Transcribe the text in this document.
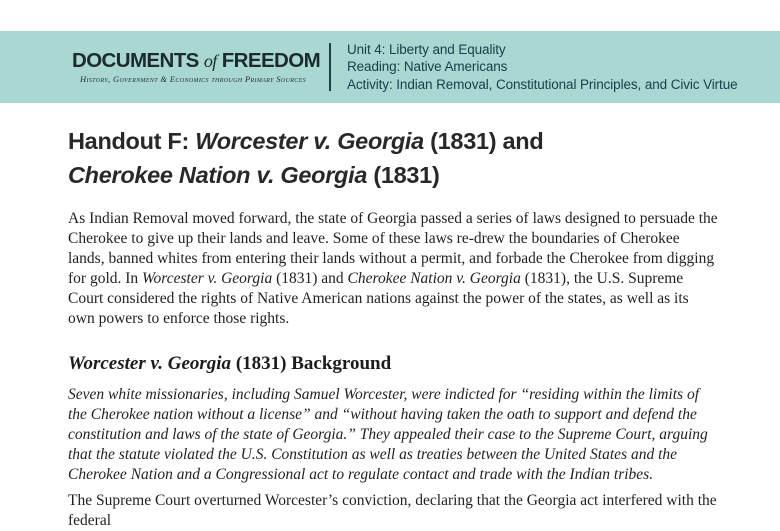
DOCUMENTS of FREEDOM
History, Government & Economics through Primary Sources
Unit 4: Liberty and Equality
Reading: Native Americans
Activity: Indian Removal, Constitutional Principles, and Civic Virtue
Handout F: Worcester v. Georgia (1831) and
Cherokee Nation v. Georgia (1831)

As Indian Removal moved forward, the state of Georgia passed a series of laws designed to persuade the Cherokee to give up their lands and leave. Some of these laws re-drew the boundaries of Cherokee lands, banned whites from entering their lands without a permit, and forbade the Cherokee from digging for gold. In Worcester v. Georgia (1831) and Cherokee Nation v. Georgia (1831), the U.S. Supreme Court considered the rights of Native American nations against the power of the states, as well as its own powers to enforce those rights.

Worcester v. Georgia (1831) Background

Seven white missionaries, including Samuel Worcester, were indicted for “residing within the limits of the Cherokee nation without a license” and “without having taken the oath to support and defend the constitution and laws of the state of Georgia.” They appealed their case to the Supreme Court, arguing that the statute violated the U.S. Constitution as well as treaties between the United States and the Cherokee Nation and a Congressional act to regulate contact and trade with the Indian tribes.

The Supreme Court overturned Worcester’s conviction, declaring that the Georgia act interfered with the federal
